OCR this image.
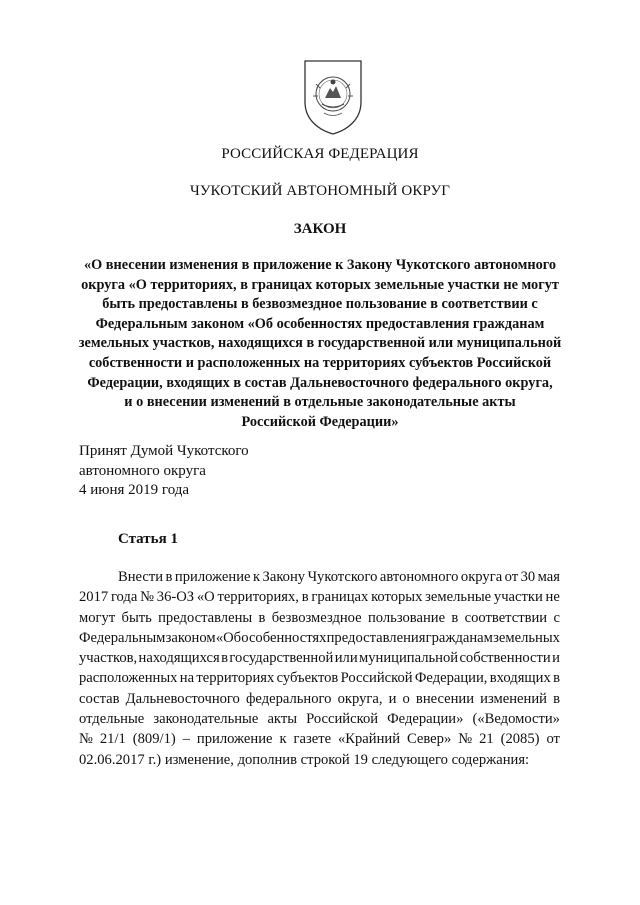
РОССИЙСКАЯ ФЕДЕРАЦИЯ
ЧУКОТСКИЙ АВТОНОМНЫЙ ОКРУГ
ЗАКОН
«О внесении изменения в приложение к Закону Чукотского автономного
округа «О территориях, в границах которых земельные участки не могут
быть предоставлены в безвозмездное пользование в соответствии с
Федеральным законом «Об особенностях предоставления гражданам
земельных участков, находящихся в государственной или муниципальной
собственности и расположенных на территориях субъектов Российской
Федерации, входящих в состав Дальневосточного федерального округа,
и о внесении изменений в отдельные законодательные акты
Российской Федерации»
Принят Думой Чукотского
автономного округа
4 июня 2019 года
Статья 1
Внести в приложение к Закону Чукотского автономного округа от 30 мая
2017 года № 36-ОЗ «О территориях, в границах которых земельные участки не
могут быть предоставлены в безвозмездное пользование в соответствии с
Федеральным законом «Об особенностях предоставления гражданам земельных
участков, находящихся в государственной или муниципальной собственности и
расположенных на территориях субъектов Российской Федерации, входящих в
состав Дальневосточного федерального округа, и о внесении изменений в
отдельные законодательные акты Российской Федерации» («Ведомости»
№ 21/1 (809/1) – приложение к газете «Крайний Север» № 21 (2085) от
02.06.2017 г.) изменение, дополнив строкой 19 следующего содержания:
